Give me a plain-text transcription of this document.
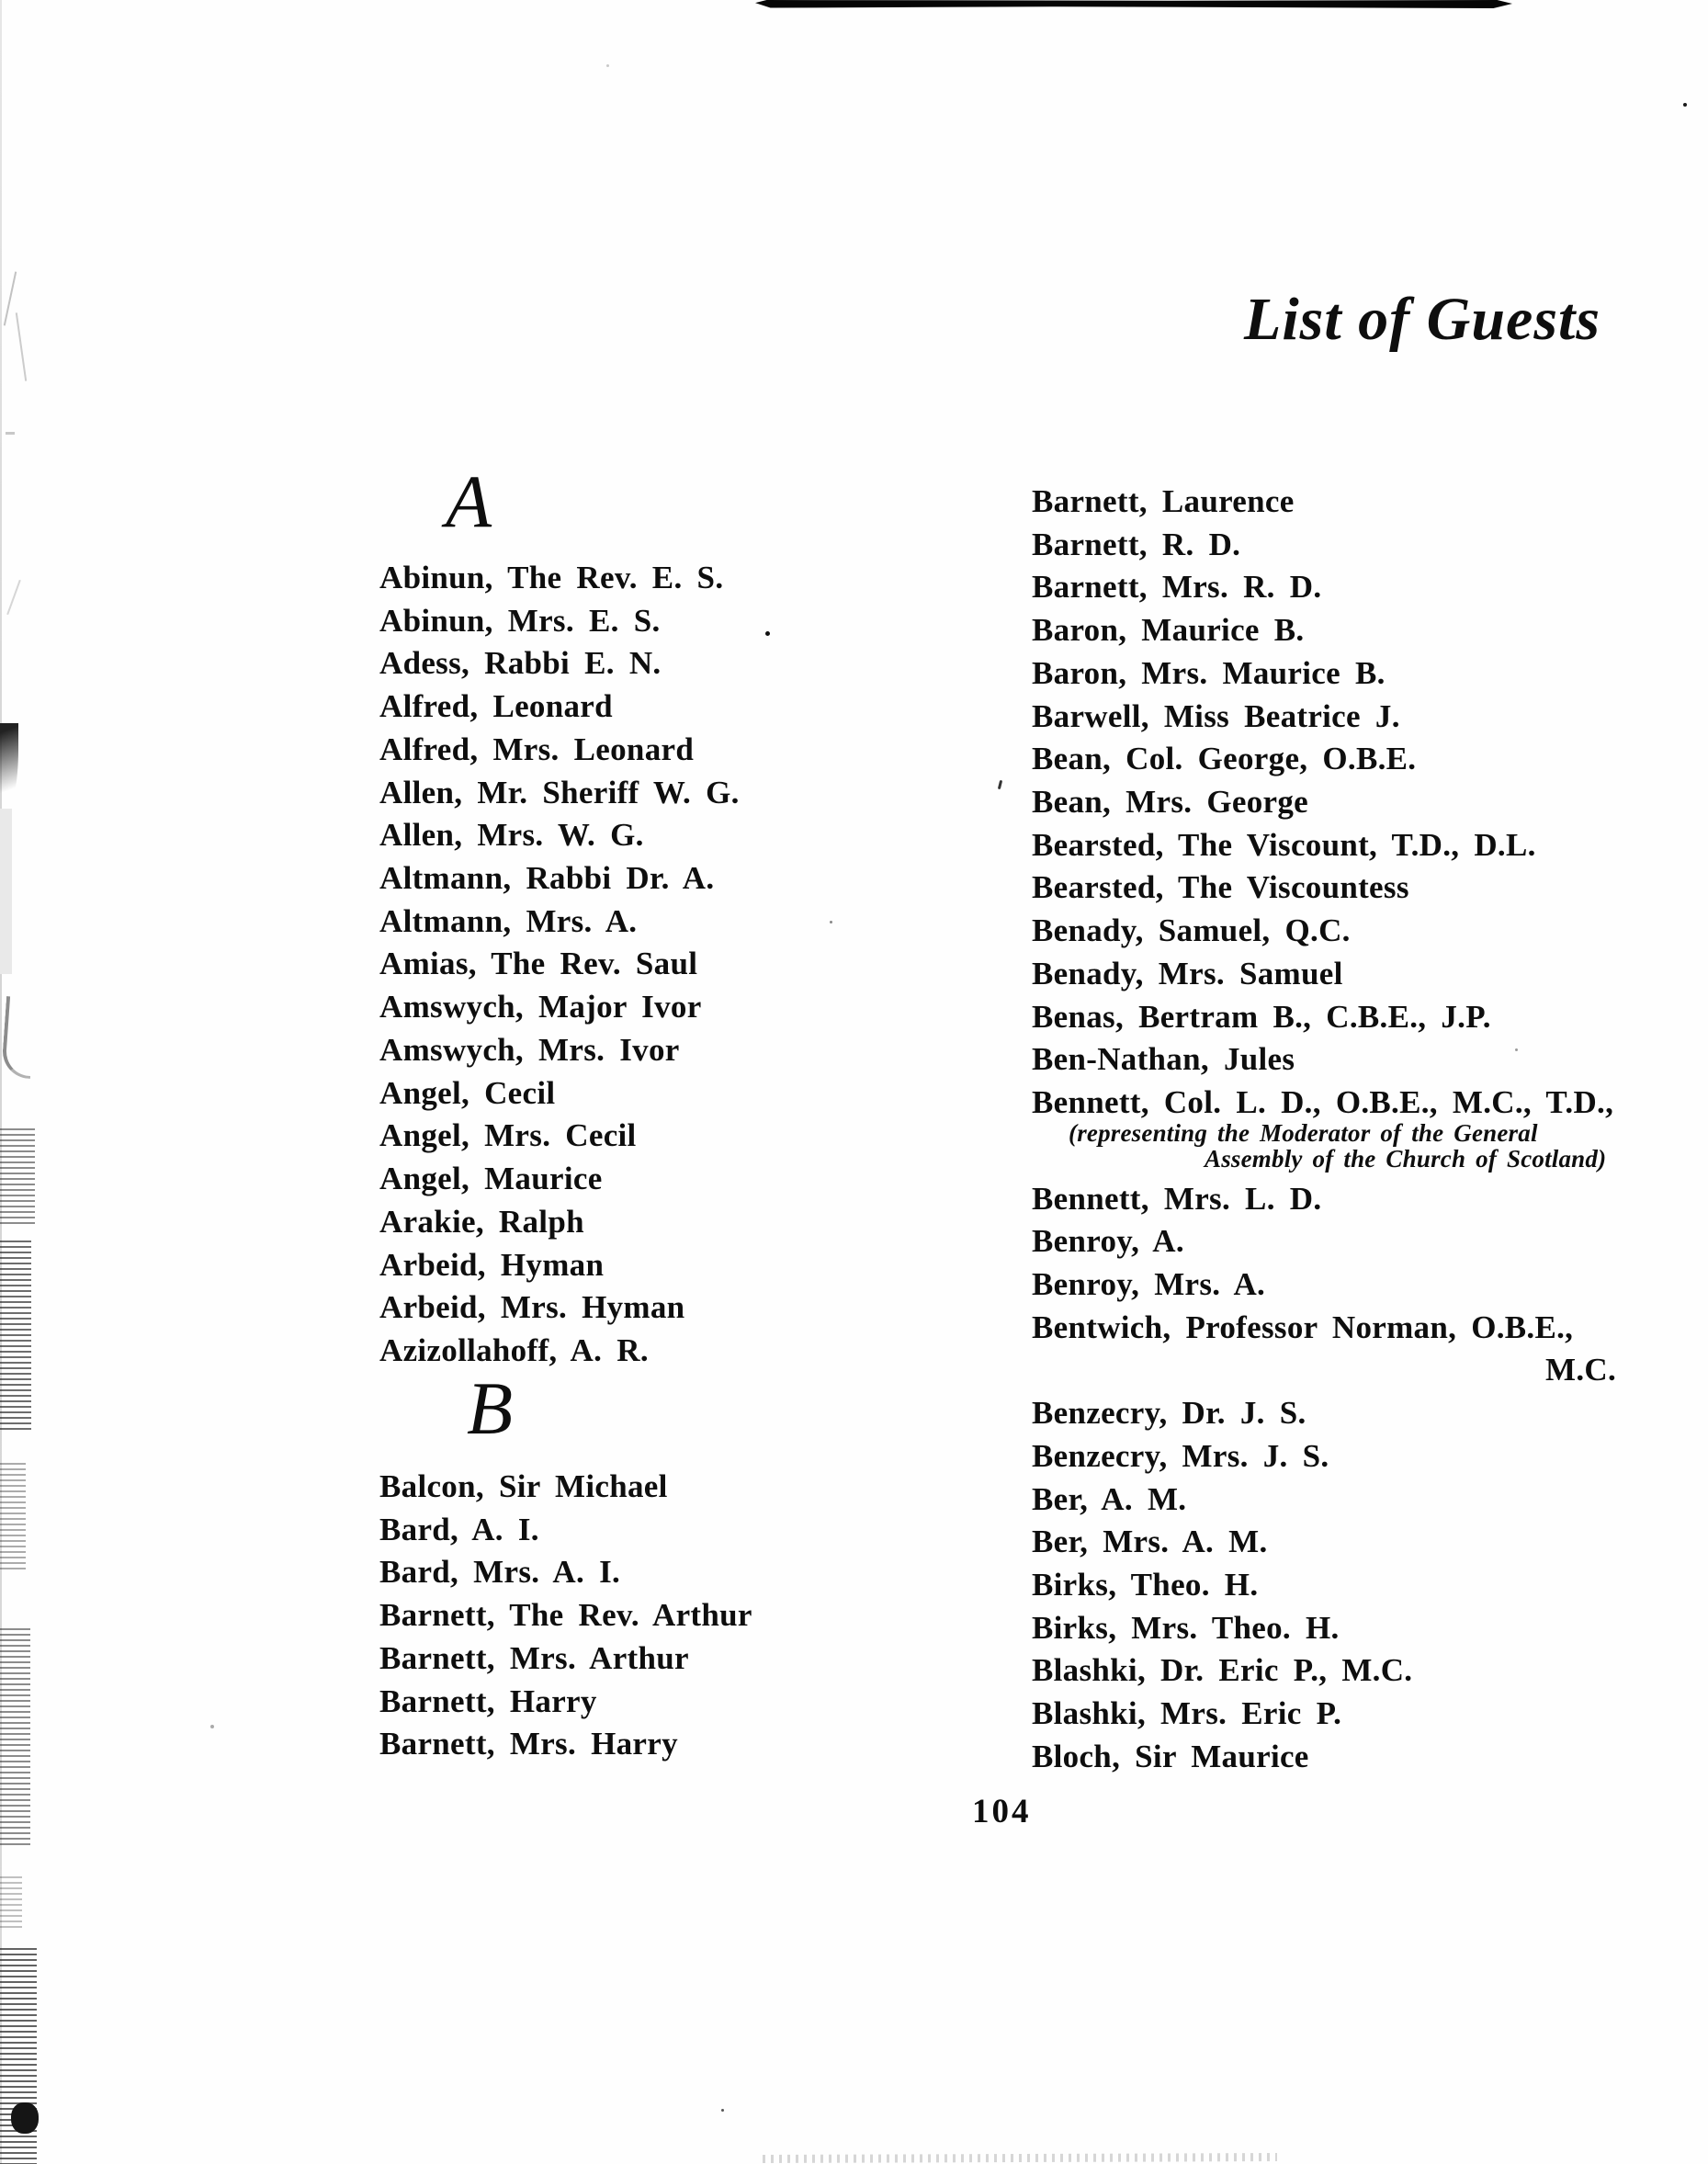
List of Guests
A
Abinun, The Rev. E. S.
Abinun, Mrs. E. S.
Adess, Rabbi E. N.
Alfred, Leonard
Alfred, Mrs. Leonard
Allen, Mr. Sheriff W. G.
Allen, Mrs. W. G.
Altmann, Rabbi Dr. A.
Altmann, Mrs. A.
Amias, The Rev. Saul
Amswych, Major Ivor
Amswych, Mrs. Ivor
Angel, Cecil
Angel, Mrs. Cecil
Angel, Maurice
Arakie, Ralph
Arbeid, Hyman
Arbeid, Mrs. Hyman
Azizollahoff, A. R.
B
Balcon, Sir Michael
Bard, A. I.
Bard, Mrs. A. I.
Barnett, The Rev. Arthur
Barnett, Mrs. Arthur
Barnett, Harry
Barnett, Mrs. Harry
Barnett, Laurence
Barnett, R. D.
Barnett, Mrs. R. D.
Baron, Maurice B.
Baron, Mrs. Maurice B.
Barwell, Miss Beatrice J.
Bean, Col. George, O.B.E.
Bean, Mrs. George
Bearsted, The Viscount, T.D., D.L.
Bearsted, The Viscountess
Benady, Samuel, Q.C.
Benady, Mrs. Samuel
Benas, Bertram B., C.B.E., J.P.
Ben-Nathan, Jules
Bennett, Col. L. D., O.B.E., M.C., T.D.,
(representing the Moderator of the General
Assembly of the Church of Scotland)
Bennett, Mrs. L. D.
Benroy, A.
Benroy, Mrs. A.
Bentwich, Professor Norman, O.B.E.,
M.C.
Benzecry, Dr. J. S.
Benzecry, Mrs. J. S.
Ber, A. M.
Ber, Mrs. A. M.
Birks, Theo. H.
Birks, Mrs. Theo. H.
Blashki, Dr. Eric P., M.C.
Blashki, Mrs. Eric P.
Bloch, Sir Maurice
104
